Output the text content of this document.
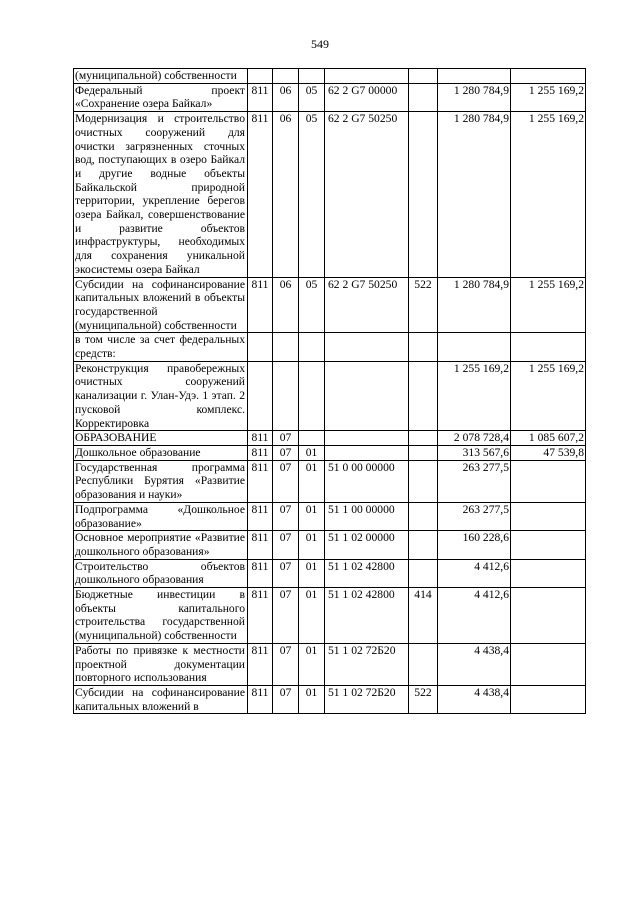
549
(муниципальной) собственности							
Федеральный проект «Сохранение озера Байкал»	811	06	05	62 2 G7 00000		1 280 784,9	1 255 169,2
Модернизация и строительство очистных сооружений для очистки загрязненных сточных вод, поступающих в озеро Байкал и другие водные объекты Байкальской природной территории, укрепление берегов озера Байкал, совершенствование и развитие объектов инфраструктуры, необходимых для сохранения уникальной экосистемы озера Байкал	811	06	05	62 2 G7 50250		1 280 784,9	1 255 169,2
Субсидии на софинансирование капитальных вложений в объекты государственной (муниципальной) собственности	811	06	05	62 2 G7 50250	522	1 280 784,9	1 255 169,2
в том числе за счет федеральных средств:							
Реконструкция правобережных очистных сооружений канализации г. Улан-Удэ. 1 этап. 2 пусковой комплекс. Корректировка						1 255 169,2	1 255 169,2
ОБРАЗОВАНИЕ	811	07				2 078 728,4	1 085 607,2
Дошкольное образование	811	07	01			313 567,6	47 539,8
Государственная программа Республики Бурятия «Развитие образования и науки»	811	07	01	51 0 00 00000		263 277,5	
Подпрограмма «Дошкольное образование»	811	07	01	51 1 00 00000		263 277,5	
Основное мероприятие «Развитие дошкольного образования»	811	07	01	51 1 02 00000		160 228,6	
Строительство объектов дошкольного образования	811	07	01	51 1 02 42800		4 412,6	
Бюджетные инвестиции в объекты капитального строительства государственной (муниципальной) собственности	811	07	01	51 1 02 42800	414	4 412,6	
Работы по привязке к местности проектной документации повторного использования	811	07	01	51 1 02 72Б20		4 438,4	
Субсидии на софинансирование капитальных вложений в	811	07	01	51 1 02 72Б20	522	4 438,4	
